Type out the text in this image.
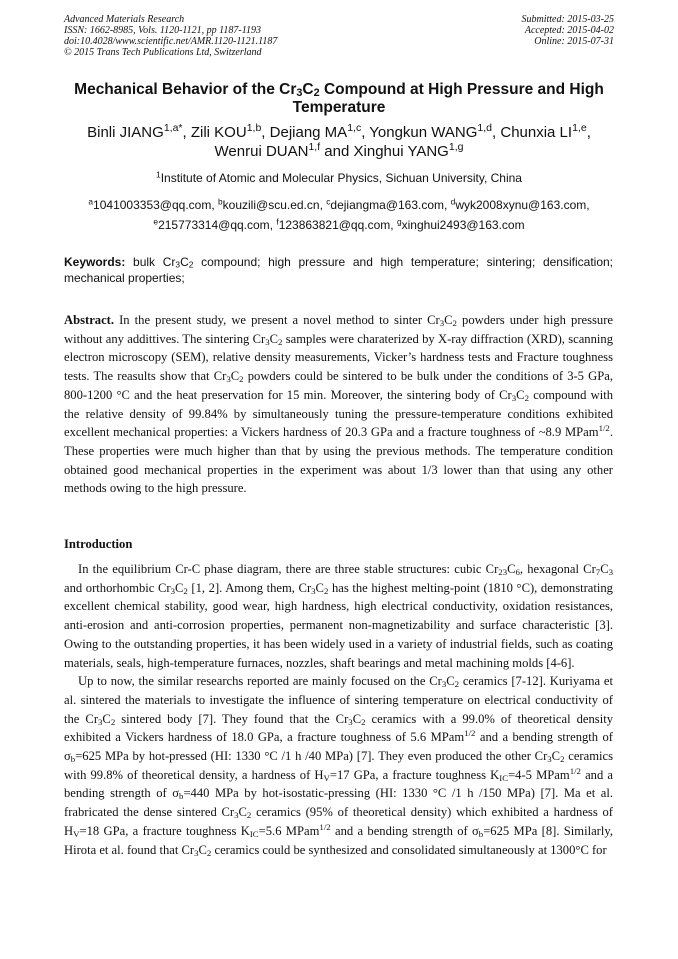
Advanced Materials Research
ISSN: 1662-8985, Vols. 1120-1121, pp 1187-1193
doi:10.4028/www.scientific.net/AMR.1120-1121.1187
© 2015 Trans Tech Publications Ltd, Switzerland
Submitted: 2015-03-25
Accepted: 2015-04-02
Online: 2015-07-31
Mechanical Behavior of the $Cr_3C_2$ Compound at High Pressure and High Temperature
Binli $JIANG^{1,a*}$, Zili KOU$^{1,b}$, Dejiang MA$^{1,c}$, Yongkun WANG$^{1,d}$, Chunxia LI$^{1,e}$,
Wenrui DUAN$^{1,f}$ and Xinghui YANG$^{1,g}$
$^1$Institute of Atomic and Molecular Physics, Sichuan University, China
$^a$1041003353@qq.com, $^b$kouzili@scu.ed.cn, $^c$dejiangma@163.com, $^d$wyk2008xynu@163.com,
$^e$215773314@qq.com, $^f$123863821@qq.com, $^g$xinghui2493@163.com
Keywords: bulk $Cr_3C_2$ compound; high pressure and high temperature; sintering; densification; mechanical properties;
Abstract. In the present study, we present a novel method to sinter $Cr_3C_2$ powders under high pressure without any addittives. The sintering $Cr_3C_2$ samples were charaterized by X-ray diffraction (XRD), scanning electron microscopy (SEM), relative density measurements, Vicker’s hardness tests and Fracture toughness tests. The reasults show that $Cr_3C_2$ powders could be sintered to be bulk under the conditions of 3-5 GPa, 800-1200 °C and the heat preservation for 15 min. Moreover, the sintering body of $Cr_3C_2$ compound with the relative density of 99.84% by simultaneously tuning the pressure-temperature conditions exhibited excellent mechanical properties: a Vickers hardness of 20.3 GPa and a fracture toughness of ~8.9 MPam$^{1/2}$. These properties were much higher than that by using the previous methods. The temperature condition obtained good mechanical properties in the experiment was about 1/3 lower than that using any other methods owing to the high pressure.
Introduction

In the equilibrium Cr-C phase diagram, there are three stable structures: cubic $Cr_{23}C_6$, hexagonal $Cr_7C_3$ and orthorhombic $Cr_3C_2$ [1, 2]. Among them, $Cr_3C_2$ has the highest melting-point (1810 °C), demonstrating excellent chemical stability, good wear, high hardness, high electrical conductivity, oxidation resistances, anti-erosion and anti-corrosion properties, permanent non-magnetizability and surface characteristic [3]. Owing to the outstanding properties, it has been widely used in a variety of industrial fields, such as coating materials, seals, high-temperature furnaces, nozzles, shaft bearings and metal machining molds [4-6].

Up to now, the similar researchs reported are mainly focused on the $Cr_3C_2$ ceramics [7-12]. Kuriyama et al. sintered the materials to investigate the influence of sintering temperature on electrical conductivity of the $Cr_3C_2$ sintered body [7]. They found that the $Cr_3C_2$ ceramics with a 99.0% of theoretical density exhibited a Vickers hardness of 18.0 GPa, a fracture toughness of 5.6 MPam$^{1/2}$ and a bending strength of $\sigma_b=625$ MPa by hot-pressed (HI: 1330 °C /1 h /40 MPa) [7]. They even produced the other $Cr_3C_2$ ceramics with 99.8% of theoretical density, a hardness of $H_V=17$ GPa, a fracture toughness $K_{IC}=4-5$ MPam$^{1/2}$ and a bending strength of $\sigma_b=440$ MPa by hot-isostatic-pressing (HI: 1330 °C /1 h /150 MPa) [7]. Ma et al. frabricated the dense sintered $Cr_3C_2$ ceramics (95% of theoretical density) which exhibited a hardness of $H_V=18$ GPa, a fracture toughness $K_{IC}=5.6$ MPam$^{1/2}$ and a bending strength of $\sigma_b=625$ MPa [8]. Similarly, Hirota et al. found that $Cr_3C_2$ ceramics could be synthesized and consolidated simultaneously at 1300°C for
